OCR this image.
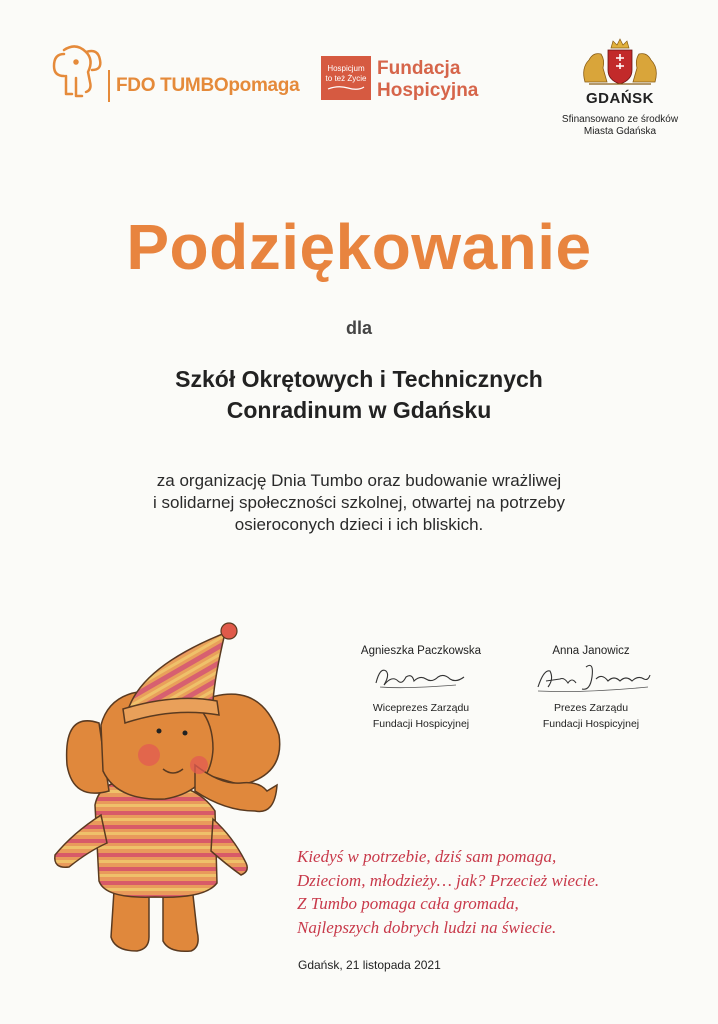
FDO TUMBOpomaga
Hospicjum
to też Życie Fundacja
Hospicyjna	GDAŃSK
Sfinansowano ze środków
Miasta Gdańska
Podziękowanie
dla
Szkół Okrętowych i Technicznych
Conradinum w Gdańsku
za organizację Dnia Tumbo oraz budowanie wrażliwej
i solidarnej społeczności szkolnej, otwartej na potrzeby
osieroconych dzieci i ich bliskich.
Agnieszka Paczkowska
Wiceprezes Zarządu
Fundacji Hospicyjnej
Anna Janowicz
Prezes Zarządu
Fundacji Hospicyjnej
Kiedyś w potrzebie, dziś sam pomaga,
Dzieciom, młodzieży… jak? Przecież wiecie.
Z Tumbo pomaga cała gromada,
Najlepszych dobrych ludzi na świecie.
Gdańsk, 21 listopada 2021
